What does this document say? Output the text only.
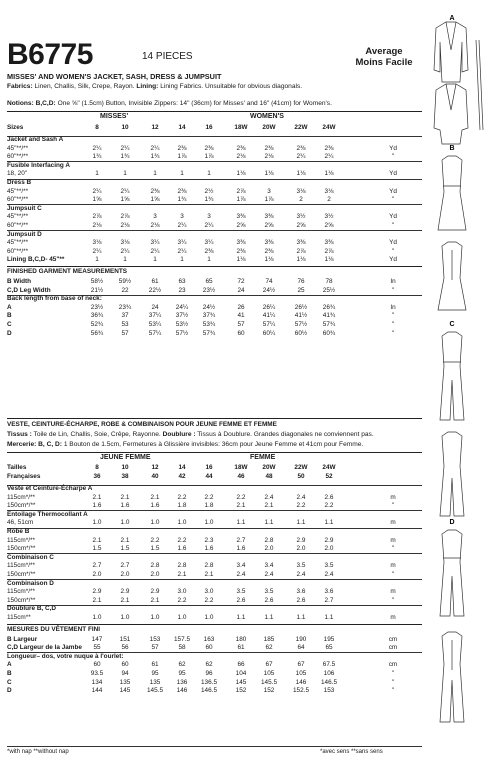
B6775	14 PIECES	Average
Moins Facile
MISSES' AND WOMEN'S JACKET, SASH, DRESS & JUMPSUIT
Fabrics: Linen, Challis, Silk, Crepe, Rayon. Lining: Lining Fabrics. Unsuitable for obvious diagonals.
Notions: B,C,D: One ⅝" (1.5cm) Button, Invisible Zippers: 14" (36cm) for Misses' and 16" (41cm) for Women's.
VESTE, CEINTURE-ÉCHARPE, ROBE & COMBINAISON POUR JEUNE FEMME ET FEMME
Tissus : Toile de Lin, Challis, Soie, Crêpe, Rayonne. Doublure : Tissus à Doublure. Grandes diagonales ne conviennent pas.
Mercerie: B, C, D: 1 Bouton de 1.5cm, Fermetures à Glissière invisibles: 36cm pour Jeune Femme et 41cm pour Femme.
*with nap **without nap	*avec sens **sans sens
A
B
C
D
MISSES'	WOMEN'S
Sizes	8	10	12	14	16	18W	20W	22W	24W
Jacket and Sash A
45"**/**	2¼	2¼	2¼	2⅜	2⅜	2⅜	2⅜	2⅜	2⅜	Yd
60"**/**	1¾	1¾	1¾	1⅞	1⅞	2⅛	2⅛	2¼	2¼	"
Fusible Interfacing A
18, 20"	1	1	1	1	1	1⅛	1⅛	1⅛	1⅛	Yd
Dress B
45"**/**	2¼	2¼	2⅜	2⅜	2½	2⅞	3	3⅛	3⅛	Yd
60"**/**	1⅝	1⅝	1⅝	1¾	1¾	1⅞	1⅞	2	2	"
Jumpsuit C
45"**/**	2⅞	2⅞	3	3	3	3⅜	3⅜	3½	3½	Yd
60"**/**	2⅛	2⅛	2⅛	2¼	2¼	2⅝	2⅝	2⅝	2⅝	"
Jumpsuit D
45"**/**	3⅛	3⅛	3¼	3¼	3¼	3⅜	3⅜	3⅜	3⅜	Yd
60"**/**	2¼	2¼	2¼	2¼	2⅜	2⅜	2⅜	2⅞	2⅞	"
Lining B,C,D- 45"**	1	1	1	1	1	1⅛	1⅛	1⅛	1⅛	Yd
FINISHED GARMENT MEASUREMENTS
B Width	58½	59½	61	63	65	72	74	76	78	In
C,D Leg Width	21½	22	22½	23	23½	24	24½	25	25½	"
Back length from base of neck:
A	23½	23¾	24	24¼	24½	26	26¼	26½	26¾	In
B	36¾	37	37¼	37½	37¾	41	41¼	41½	41¾	"
C	52¾	53	53¼	53½	53¾	57	57¼	57½	57¾	"
D	56¾	57	57¼	57½	57¾	60	60¼	60½	60¾	"
JEUNE FEMME	FEMME
Tailles	8	10	12	14	16	18W	20W	22W	24W
Françaises	36	38	40	42	44	46	48	50	52
Veste et Ceinture-Écharpe A
115cm*/**	2.1	2.1	2.1	2.2	2.2	2.2	2.4	2.4	2.6	m
150cm*/**	1.6	1.6	1.6	1.8	1.8	2.1	2.1	2.2	2.2	"
Entoilage Thermocollant A
46, 51cm	1.0	1.0	1.0	1.0	1.0	1.1	1.1	1.1	1.1	m
Robe B
115cm*/**	2.1	2.1	2.2	2.2	2.3	2.7	2.8	2.9	2.9	m
150cm*/**	1.5	1.5	1.5	1.6	1.6	1.6	2.0	2.0	2.0	"
Combinaison C
115cm*/**	2.7	2.7	2.8	2.8	2.8	3.4	3.4	3.5	3.5	m
150cm*/**	2.0	2.0	2.0	2.1	2.1	2.4	2.4	2.4	2.4	"
Combinaison D
115cm*/**	2.9	2.9	2.9	3.0	3.0	3.5	3.5	3.6	3.6	m
150cm*/**	2.1	2.1	2.1	2.2	2.2	2.6	2.6	2.6	2.7	"
Doublure B, C,D
115cm**	1.0	1.0	1.0	1.0	1.0	1.1	1.1	1.1	1.1	m
MESURES DU VÊTEMENT FINI
B Largeur	147	151	153	157.5	163	180	185	190	195	cm
C,D Largeur de la Jambe	55	56	57	58	60	61	62	64	65	cm
Longueur– dos, votre nuque à l'ourlet:
A	60	60	61	62	62	66	67	67	67.5	cm
B	93.5	94	95	95	96	104	105	105	106	"
C	134	135	135	136	136.5	145	145.5	146	146.5	"
D	144	145	145.5	146	146.5	152	152	152.5	153	"
